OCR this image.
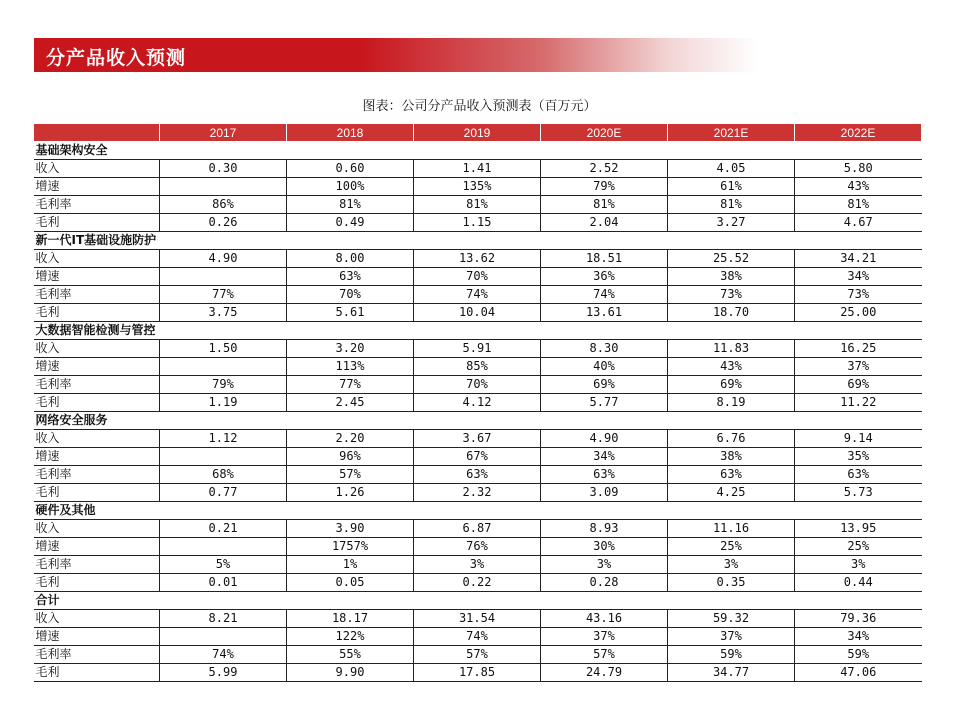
分产品收入预测
图表：公司分产品收入预测表（百万元）
	2017	2018	2019	2020E	2021E	2022E
基础架构安全						
收入	0.30	0.60	1.41	2.52	4.05	5.80
增速		100%	135%	79%	61%	43%
毛利率	86%	81%	81%	81%	81%	81%
毛利	0.26	0.49	1.15	2.04	3.27	4.67
新一代IT基础设施防护						
收入	4.90	8.00	13.62	18.51	25.52	34.21
增速		63%	70%	36%	38%	34%
毛利率	77%	70%	74%	74%	73%	73%
毛利	3.75	5.61	10.04	13.61	18.70	25.00
大数据智能检测与管控						
收入	1.50	3.20	5.91	8.30	11.83	16.25
增速		113%	85%	40%	43%	37%
毛利率	79%	77%	70%	69%	69%	69%
毛利	1.19	2.45	4.12	5.77	8.19	11.22
网络安全服务						
收入	1.12	2.20	3.67	4.90	6.76	9.14
增速		96%	67%	34%	38%	35%
毛利率	68%	57%	63%	63%	63%	63%
毛利	0.77	1.26	2.32	3.09	4.25	5.73
硬件及其他						
收入	0.21	3.90	6.87	8.93	11.16	13.95
增速		1757%	76%	30%	25%	25%
毛利率	5%	1%	3%	3%	3%	3%
毛利	0.01	0.05	0.22	0.28	0.35	0.44
合计						
收入	8.21	18.17	31.54	43.16	59.32	79.36
增速		122%	74%	37%	37%	34%
毛利率	74%	55%	57%	57%	59%	59%
毛利	5.99	9.90	17.85	24.79	34.77	47.06
